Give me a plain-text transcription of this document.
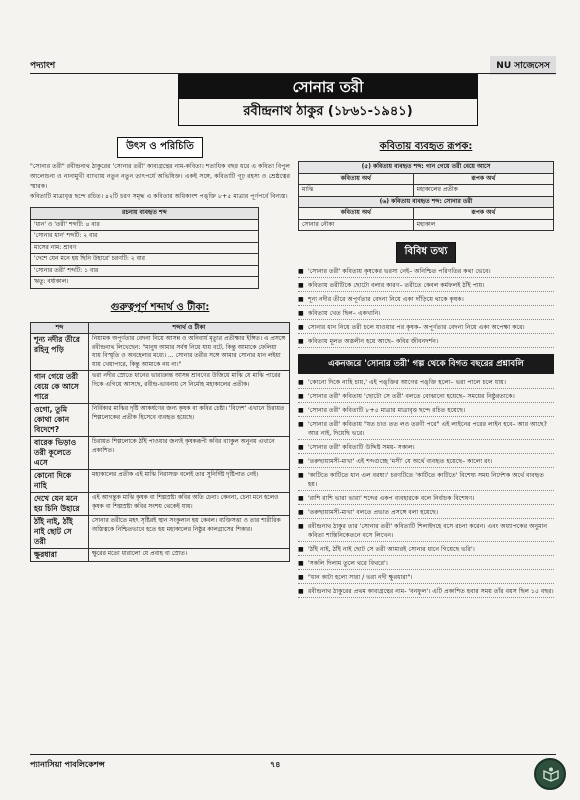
পদ্যাংশ	NU সাজেসেস
সোনার তরী
রবীন্দ্রনাথ ঠাকুর (১৮৬১-১৯৪১)
উৎস ও পরিচিতি

"সোনার তরী" রবীন্দ্রনাথ ঠাকুরের 'সোনার তরী' কাব্যগ্রন্থের নাম-কবিতা। শতাধিক বছর ধরে এ কবিতা বিপুল আলোচনা ও নানামুখী ব্যাখ্যায় নতুন নতুন তাৎপর্যে অভিষিক্ত। একই সঙ্গে, কবিতাটি গূঢ় রহস্য ও শ্রেষ্ঠত্বের স্মারক।

কবিতাটি মাত্রাবৃত্ত ছন্দে রচিত। ৪২টি চরণ সমৃদ্ধ এ কবিতার অধিকাংশ পঙ্‌ক্তি ৮+৫ মাত্রার পূর্ণপর্বে বিন্যস্ত।

রচনায় ব্যবহৃত শব্দ
'ধান' ও 'তরী' শব্দটি: ৪ বার
'সোনার ধান' শব্দটি: ২ বার
মাসের নাম: শ্রাবণ
'দেশে যেন মনে হয় ছিনি উহারে' চরণটি: ২ বার
'সোনার তরী' শব্দটি: ১ বার
ঋতু: বর্ষাকাল।
গুরুত্বপূর্ণ শব্দার্থ ও টীকা:
শব্দ	শব্দার্থ ও টীকা
শূন্য নদীর তীরে রহিনু পড়ি	নিয়ামক অপূর্ণতার বেদনা নিয়ে আসন্ন ও অনিবার্য মৃত্যুর প্রতীক্ষার ইঙ্গিত। এ প্রসঙ্গে রবীন্দ্রনাথ লিখেছেন: "মানুষ আমার সর্বস্ব নিয়ে যায় বটে, কিন্তু আমাকে ফেলিয়া যায় বিস্মৃতি ও অবহেলার মধ্যে। ... সোনার তরীর সঙ্গে আমার সোনার ধান লইয়া যায় খেয়াপারে, কিন্তু আমাকে নয় না।"
গান গেয়ে তরী বেয়ে কে আসে পারে	ভরা নদীর স্রোতে ধানের ভারাক্রান্ত আসন্ন শ্রাবণের উজিয়ে মাঝি যে মাঝি পারের দিকে এগিয়ে আসছে, রবীন্দ্র-ভাবনায় সে নির্মোহ মহাকালের প্রতীক।
ওগো, তুমি কোথা কোন বিদেশে?	নির্বিকার মাঝির দৃষ্টি আকর্ষণের জন্য কৃষক বা কবির চেষ্টা। 'বিদেশ' এখানে চিরায়ত শিল্পলোকের প্রতীক হিসেবে ব্যবহৃত হয়েছে।
বারেক ভিড়াও তরী কূলেতে এসে	চিরায়ত শিল্পলোকে ঠাঁই পাওয়ার জন্যই কৃষকরূপী কবির ব্যাকুল অনুনয় এখানে প্রকাশিত।
কোনো দিকে নাহি	মহাকালের প্রতীক এই মাঝি নিরাসক্ত বলেই তার সুনির্দিষ্ট দৃষ্টিপাত নেই।
দেখে যেন মনে হয় চিনি উহারে	এই আগন্তুক মাঝি কৃষক বা শিল্পস্রষ্টা কবির অতি চেনা। কেননা, চেনা মনে হলেও কৃষক বা শিল্পস্রষ্টা কবির সংশয় থেকেই যায়।
ঠাঁই নাই, ঠাঁই নাই ছোট সে তরী	সোনার তরীতে মহৎ সৃষ্টিরই স্থান সংকুলান হয় কেবল। ব্যক্তিসত্তা ও তার শারীরিক অস্তিত্বকে নিশ্চিতভাবে হতে হয় মহাকালের নিষ্ঠুর কালগ্রাসের শিকার।
ক্ষুরধারা	ক্ষুরের মতো ধারালো যে প্রবাহ বা স্রোত।
কবিতায় ব্যবহৃত রূপক:
(৫) কবিতায় ব্যবহৃত শব্দ: গান গেয়ে তরী বেয়ে আসে	
কবিতায় অর্থ	রূপক অর্থ
মাঝি	মহাকালের প্রতীক
(৬) কবিতায় ব্যবহৃত শব্দ: সোনার তরী	
কবিতায় অর্থ	রূপক অর্থ
সোনার নৌকা	মহাকাল
বিবিধ তথ্য
■ 'সোনার তরী' কবিতায় কৃষকের ভরসা নেই– অনিশ্চিত পরিণতির কথা ভেবে।
■ কবিতায় তরীটিকে ছোটো বলার কারণ– তরীতে কেবল কর্মফলই ঠাঁই পায়।
■ শূন্য নদীর তীরে অপূর্ণতার বেদনা নিয়ে একা দাঁড়িয়ে থাকে কৃষক।
■ কবিতায় খেত ছিল– একখানি।
■ সোনার ধান নিয়ে তরী চলে যাওয়ার পর কৃষক– অপূর্ণতার বেদনা নিয়ে একা অপেক্ষা করে।
■ কবিতায় মূলত অস্তলীন হয়ে আছে– কবির জীবনদর্শন।
একনজরে 'সোনার তরী' গল্প থেকে বিগত বছরের প্রশ্নাবলি
■ 'কোনো দিকে নাহি চায়,' এই পঙ্‌ক্তির আগের পঙ্‌ক্তি হলো– ভরা পালে চলে যায়।
■ 'সোনার তরী' কবিতায় 'ছোটো সে তরী' বলতে বোঝানো হয়েছে– সময়ের নিষ্ঠুরতাকে।
■ 'সোনার তরী' কবিতাটি ৮+৫ মাত্রার মাত্রাবৃত্ত ছন্দে রচিত হয়েছে।
■ 'সোনার তরী' কবিতায় "যত চাও তত লও তরণী পরে" এই লাইনের পরের লাইন হবে– আর আছে? আর নাই, দিয়েছি ভরে।
■ 'সোনার তরী' কবিতাটি উদ্দিষ্ট সময়- সকাল।
■ 'তরুছায়ামসী-মাখা' এই শব্দগুচ্ছে 'মসী' যে অর্থে ব্যবহৃত হয়েছে– কালো রং।
■ 'কাটিতে কাটিতে ধান এল বরষা।' চরণটিতে 'কাটিতে কাটিতে' বিশেষ্য সময় নির্দেশক অর্থে ব্যবহৃত হয়।
■ 'রাশি রাশি ভারা ভারা' শব্দের একপ ব্যবহারকে বলে নির্বাচক বিশেষণ।
■ 'তরুছায়ামসী-মাখা' বলতে প্রভাত প্রসঙ্গে বলা হয়েছে।
■ রবীন্দ্রনাথ ঠাকুর তার 'সোনার তরী' কবিতাটি শিলাইদহে বসে রচনা করেন। এবং অধ্যাপকের অনুমান কবিতা শান্তিনিকেতনে বসে লিখেন।
■ 'ঠাঁই নাই, ঠাঁই নাই ছোট সে তরী আমারই সোনার ধানে গিয়েছে ভরি'।
■ 'সকলি দিলাম তুলে থরে বিথরে'।
■ "ধান কাটা হলো সারা / ভরা নদী ক্ষুরধারা"।
■ রবীন্দ্রনাথ ঠাকুরের প্রথম কাব্যগ্রন্থের নাম- 'বনফুল'। এটি প্রকাশিত হবার সময় তাঁর বয়স ছিল ১৫ বছর।
প্যানাসিয়া পাবলিকেশন্স	৭৪
